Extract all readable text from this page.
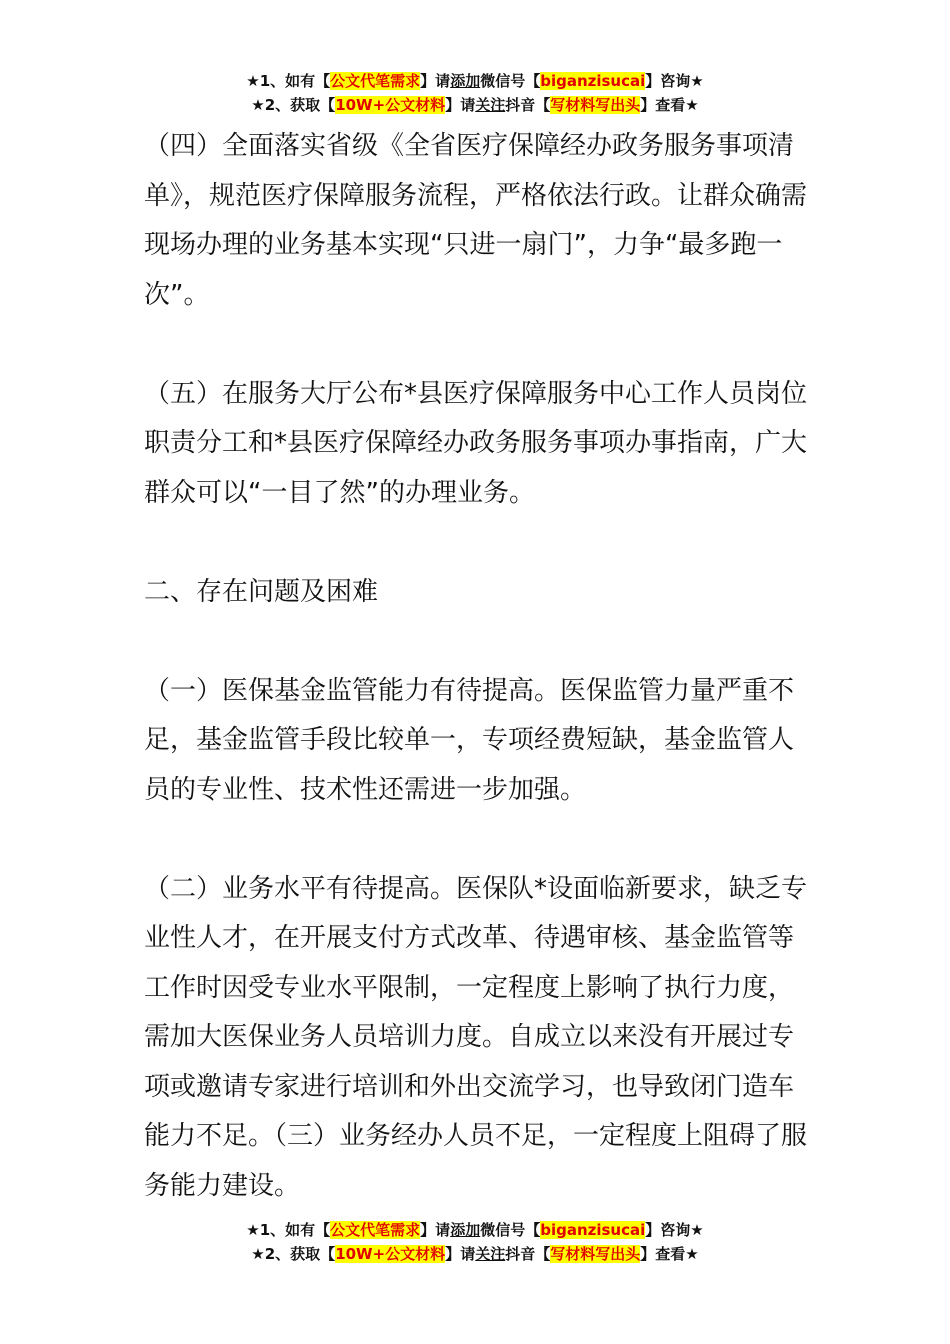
★1、如有【公文代笔需求】请添加微信号【biganzisucai】咨询★
★2、获取【10W+公文材料】请关注抖音【写材料写出头】查看★

（四）全面落实省级《全省医疗保障经办政务服务事项清单》，规范医疗保障服务流程，严格依法行政。让群众确需现场办理的业务基本实现“只进一扇门”，力争“最多跑一次”。

（五）在服务大厅公布*县医疗保障服务中心工作人员岗位职责分工和*县医疗保障经办政务服务事项办事指南，广大群众可以“一目了然”的办理业务。

二、存在问题及困难

（一）医保基金监管能力有待提高。医保监管力量严重不足，基金监管手段比较单一，专项经费短缺，基金监管人员的专业性、技术性还需进一步加强。

（二）业务水平有待提高。医保队*设面临新要求，缺乏专业性人才，在开展支付方式改革、待遇审核、基金监管等工作时因受专业水平限制，一定程度上影响了执行力度，需加大医保业务人员培训力度。自成立以来没有开展过专项或邀请专家进行培训和外出交流学习，也导致闭门造车能力不足。（三）业务经办人员不足，一定程度上阻碍了服务能力建设。

★1、如有【公文代笔需求】请添加微信号【biganzisucai】咨询★
★2、获取【10W+公文材料】请关注抖音【写材料写出头】查看★
